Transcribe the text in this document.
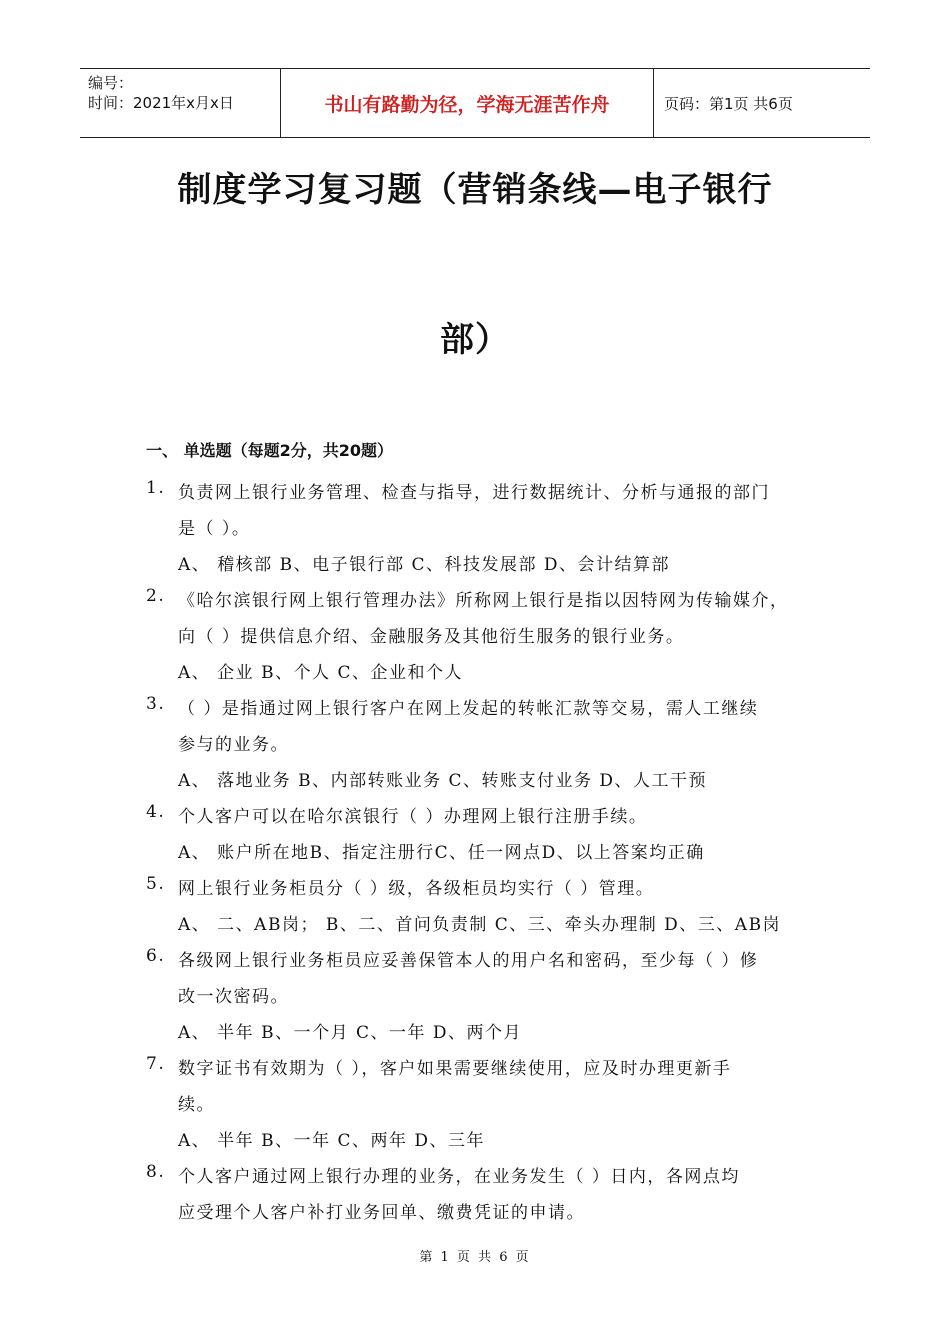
编号：
时间：2021年x月x日	书山有路勤为径，学海无涯苦作舟	页码：第1页 共6页
制度学习复习题（营销条线—电子银行
部）
一、 单选题（每题2分，共20题）
1. 负责网上银行业务管理、检查与指导，进行数据统计、分析与通报的部门
是（ ）。
A、 稽核部 B、电子银行部 C、科技发展部 D、会计结算部
2. 《哈尔滨银行网上银行管理办法》所称网上银行是指以因特网为传输媒介，
向（ ）提供信息介绍、金融服务及其他衍生服务的银行业务。
A、 企业 B、个人 C、企业和个人
3. （ ）是指通过网上银行客户在网上发起的转帐汇款等交易，需人工继续
参与的业务。
A、 落地业务 B、内部转账业务 C、转账支付业务 D、人工干预
4. 个人客户可以在哈尔滨银行（ ）办理网上银行注册手续。
A、 账户所在地B、指定注册行C、任一网点D、以上答案均正确
5. 网上银行业务柜员分（ ）级，各级柜员均实行（ ）管理。
A、 二、AB岗； B、二、首问负责制 C、三、牵头办理制 D、三、AB岗
6. 各级网上银行业务柜员应妥善保管本人的用户名和密码，至少每（ ）修
改一次密码。
A、 半年 B、一个月 C、一年 D、两个月
7. 数字证书有效期为（ ），客户如果需要继续使用，应及时办理更新手
续。
A、 半年 B、一年 C、两年 D、三年
8. 个人客户通过网上银行办理的业务，在业务发生（ ）日内，各网点均
应受理个人客户补打业务回单、缴费凭证的申请。
第 1 页 共 6 页
